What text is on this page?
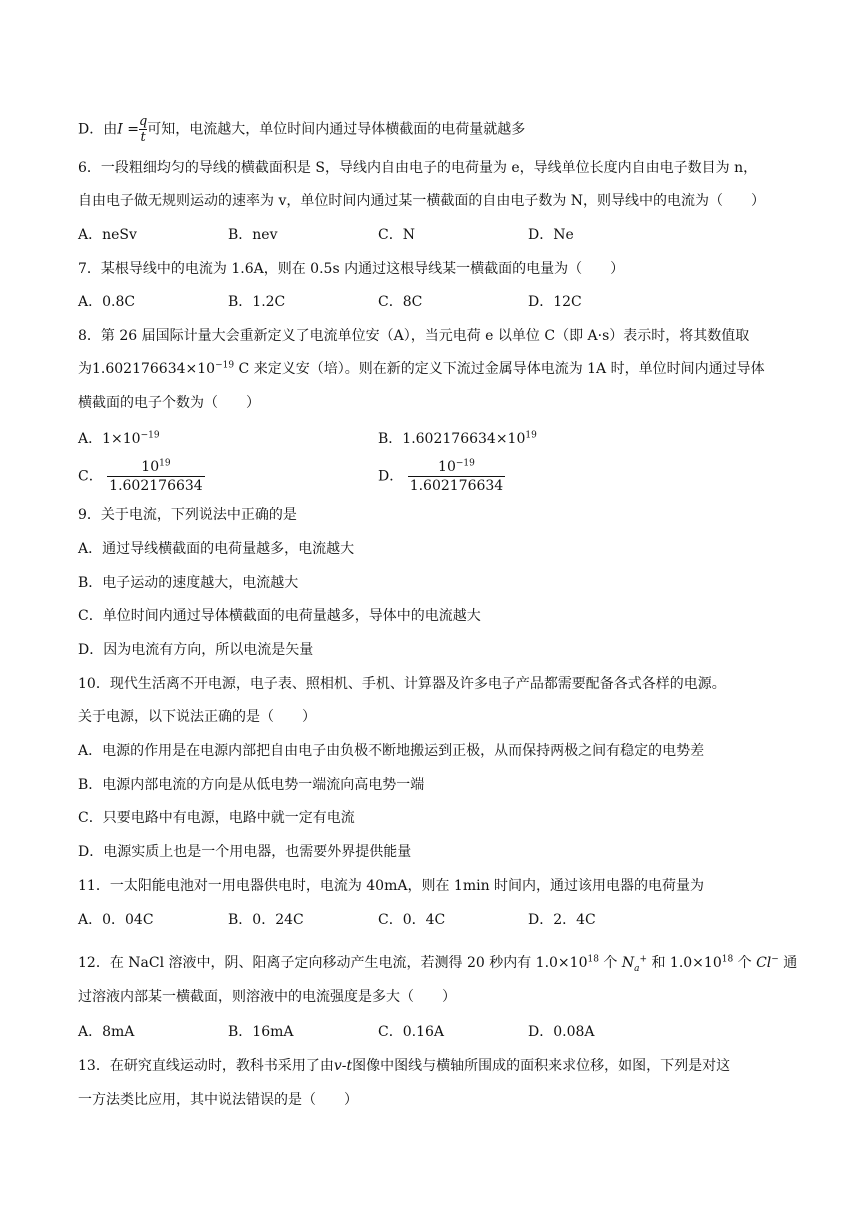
D．由$I = \frac{q}{t}$ 可知，电流越大，单位时间内通过导体横截面的电荷量就越多
6．一段粗细均匀的导线的横截面积是 S，导线内自由电子的电荷量为 e，导线单位长度内自由电子数目为 n，
自由电子做无规则运动的速率为 v，单位时间内通过某一横截面的自由电子数为 N，则导线中的电流为（　　）
A．neSv	B．nev	C．N	D．Ne
7．某根导线中的电流为 1.6A，则在 0.5s 内通过这根导线某一横截面的电量为（　　）
A．0.8C	B．1.2C	C．8C	D．12C
8．第 26 届国际计量大会重新定义了电流单位安（A），当元电荷 e 以单位 C（即 A·s）表示时，将其数值取
为$1.602176634\times 10^{-19}$ C 来定义安（培）。则在新的定义下流过金属导体电流为 1A 时，单位时间内通过导体
横截面的电子个数为（　　）
A．$1\times 10^{-19}$	B．$1.602176634\times 10^{19}$
C． $\frac{10^{19}}{1.602176634}$	D． $\frac{10^{-19}}{1.602176634}$
9．关于电流，下列说法中正确的是
A．通过导线横截面的电荷量越多，电流越大
B．电子运动的速度越大，电流越大
C．单位时间内通过导体横截面的电荷量越多，导体中的电流越大
D．因为电流有方向，所以电流是矢量
10．现代生活离不开电源，电子表、照相机、手机、计算器及许多电子产品都需要配备各式各样的电源。
关于电源，以下说法正确的是（　　）
A．电源的作用是在电源内部把自由电子由负极不断地搬运到正极，从而保持两极之间有稳定的电势差
B．电源内部电流的方向是从低电势一端流向高电势一端
C．只要电路中有电源，电路中就一定有电流
D．电源实质上也是一个用电器，也需要外界提供能量
11．一太阳能电池对一用电器供电时，电流为 40mA，则在 1min 时间内，通过该用电器的电荷量为
A．0．04C	B．0．24C	C．0．4C	D．2．4C
12．在 NaCl 溶液中，阴、阳离子定向移动产生电流，若测得 20 秒内有 $1.0\times 10^{18}$ 个 $N_a^+$ 和 $1.0\times 10^{18}$ 个 Cl− 通
过溶液内部某一横截面，则溶液中的电流强度是多大（　　）
A．8mA	B．16mA	C．0.16A	D．0.08A
13．在研究直线运动时，教科书采用了由v-t图像中图线与横轴所围成的面积来求位移，如图，下列是对这
一方法类比应用，其中说法错误的是（　　）
